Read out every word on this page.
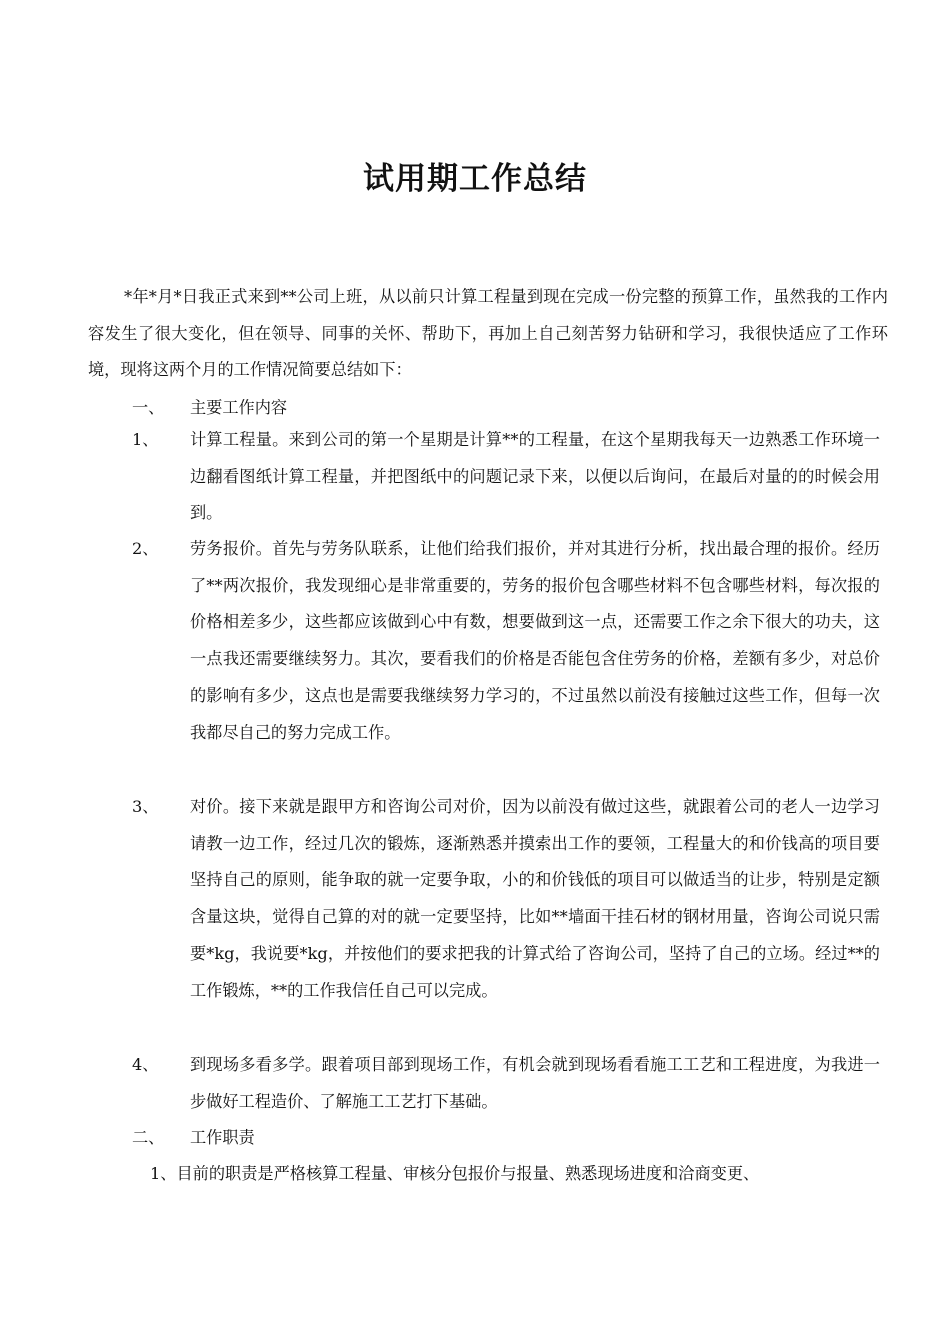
试用期工作总结
*年*月*日我正式来到**公司上班，从以前只计算工程量到现在完成一份完整的预算工作，虽然我的工作内容发生了很大变化，但在领导、同事的关怀、帮助下，再加上自己刻苦努力钻研和学习，我很快适应了工作环境，现将这两个月的工作情况简要总结如下：
一、	主要工作内容
1、	计算工程量。来到公司的第一个星期是计算**的工程量，在这个星期我每天一边熟悉工作环境一边翻看图纸计算工程量，并把图纸中的问题记录下来，以便以后询问，在最后对量的的时候会用到。
2、	劳务报价。首先与劳务队联系，让他们给我们报价，并对其进行分析，找出最合理的报价。经历了**两次报价，我发现细心是非常重要的，劳务的报价包含哪些材料不包含哪些材料，每次报的价格相差多少，这些都应该做到心中有数，想要做到这一点，还需要工作之余下很大的功夫，这一点我还需要继续努力。其次，要看我们的价格是否能包含住劳务的价格，差额有多少，对总价的影响有多少，这点也是需要我继续努力学习的，不过虽然以前没有接触过这些工作，但每一次我都尽自己的努力完成工作。
3、	对价。接下来就是跟甲方和咨询公司对价，因为以前没有做过这些，就跟着公司的老人一边学习请教一边工作，经过几次的锻炼，逐渐熟悉并摸索出工作的要领，工程量大的和价钱高的项目要坚持自己的原则，能争取的就一定要争取，小的和价钱低的项目可以做适当的让步，特别是定额含量这块，觉得自己算的对的就一定要坚持，比如**墙面干挂石材的钢材用量，咨询公司说只需要*kg，我说要*kg，并按他们的要求把我的计算式给了咨询公司，坚持了自己的立场。经过**的工作锻炼，**的工作我信任自己可以完成。
4、	到现场多看多学。跟着项目部到现场工作，有机会就到现场看看施工工艺和工程进度，为我进一步做好工程造价、了解施工工艺打下基础。
二、	工作职责
1、目前的职责是严格核算工程量、审核分包报价与报量、熟悉现场进度和洽商变更、
